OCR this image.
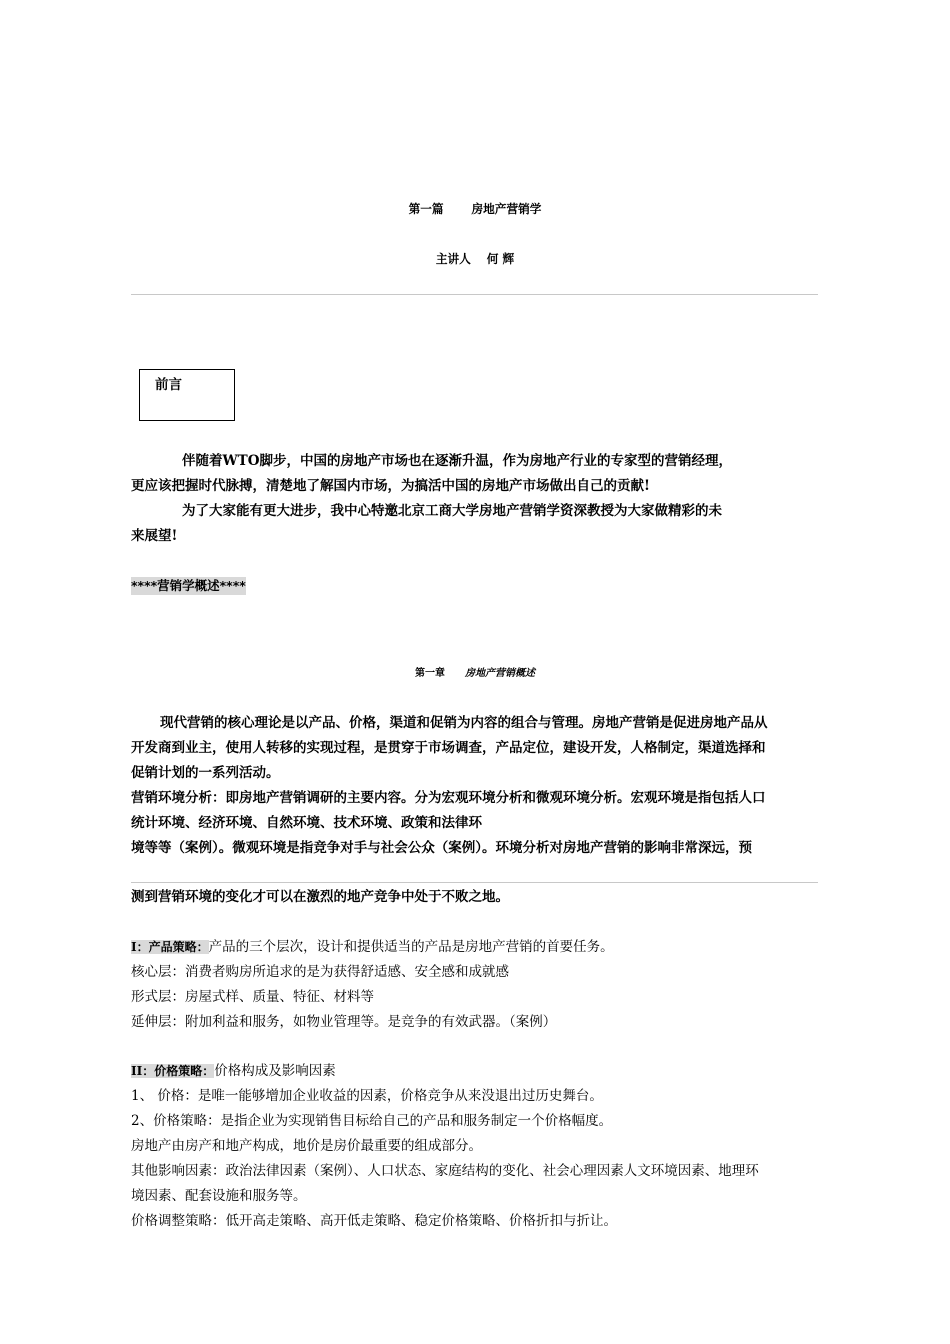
第一篇 房地产营销学
主讲人 何 辉
前言
伴随着WTO脚步，中国的房地产市场也在逐渐升温，作为房地产行业的专家型的营销经理，
更应该把握时代脉搏，清楚地了解国内市场，为搞活中国的房地产市场做出自己的贡献!
为了大家能有更大进步，我中心特邀北京工商大学房地产营销学资深教授为大家做精彩的未
来展望!
****营销学概述****
第一章 房地产营销概述
现代营销的核心理论是以产品、价格，渠道和促销为内容的组合与管理。房地产营销是促进房地产品从
开发商到业主，使用人转移的实现过程，是贯穿于市场调查，产品定位，建设开发，人格制定，渠道选择和
促销计划的一系列活动。
营销环境分析：即房地产营销调研的主要内容。分为宏观环境分析和微观环境分析。宏观环境是指包括人口
统计环境、经济环境、自然环境、技术环境、政策和法律环
境等等（案例）。微观环境是指竞争对手与社会公众（案例）。环境分析对房地产营销的影响非常深远，预
测到营销环境的变化才可以在激烈的地产竞争中处于不败之地。
I：产品策略：产品的三个层次，设计和提供适当的产品是房地产营销的首要任务。
核心层：消费者购房所追求的是为获得舒适感、安全感和成就感
形式层：房屋式样、质量、特征、材料等
延伸层：附加利益和服务，如物业管理等。是竞争的有效武器。（案例）
II：价格策略：价格构成及影响因素
1、 价格：是唯一能够增加企业收益的因素，价格竞争从来没退出过历史舞台。
2、价格策略：是指企业为实现销售目标给自己的产品和服务制定一个价格幅度。
房地产由房产和地产构成，地价是房价最重要的组成部分。
其他影响因素：政治法律因素（案例）、人口状态、家庭结构的变化、社会心理因素人文环境因素、地理环
境因素、配套设施和服务等。
价格调整策略：低开高走策略、高开低走策略、稳定价格策略、价格折扣与折让。
